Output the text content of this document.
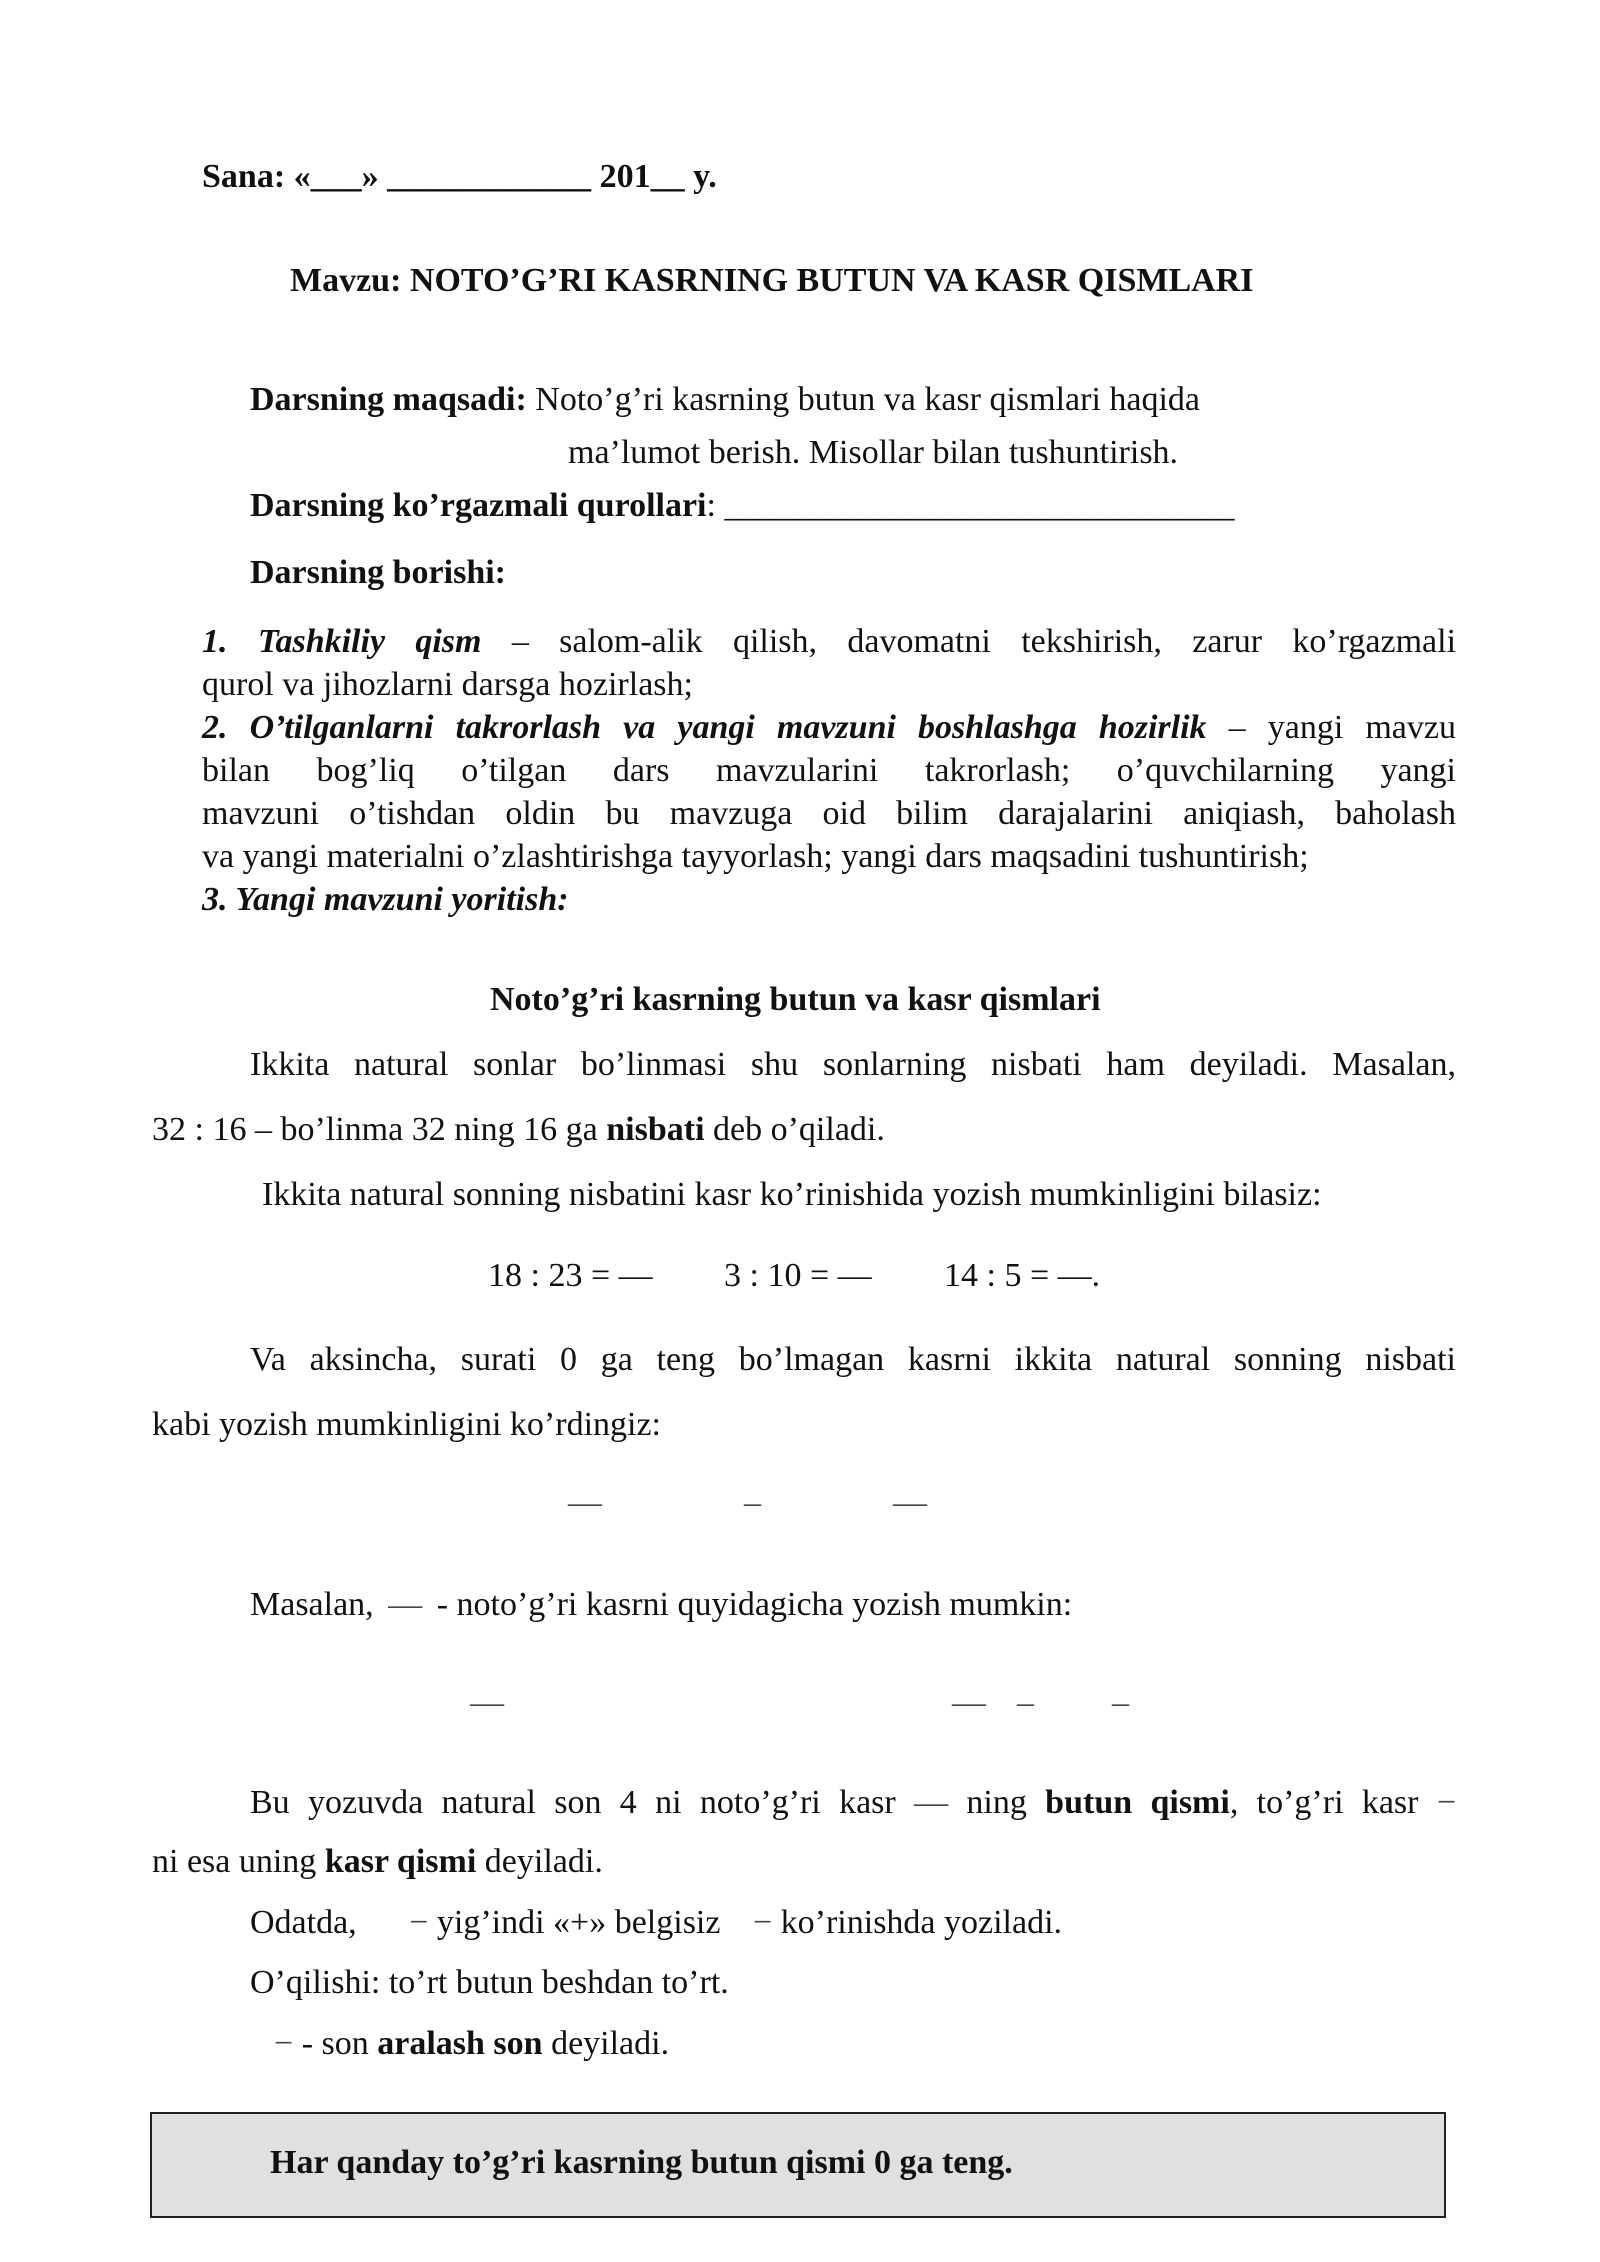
Sana: «___» ____________ 201__ y.
Mavzu: NOTO’G’RI KASRNING BUTUN VA KASR QISMLARI
Darsning maqsadi: Noto’g’ri kasrning butun va kasr qismlari haqida
ma’lumot berish. Misollar bilan tushuntirish.
Darsning ko’rgazmali qurollari: ______________________________
Darsning borishi:
1. Tashkiliy qism – salom-alik qilish, davomatni tekshirish, zarur ko’rgazmali
qurol va jihozlarni darsga hozirlash;
2. O’tilganlarni takrorlash va yangi mavzuni boshlashga hozirlik – yangi mavzu
bilan bog’liq o’tilgan dars mavzularini takrorlash; o’quvchilarning yangi
mavzuni o’tishdan oldin bu mavzuga oid bilim darajalarini aniqiash, baholash
va yangi materialni o’zlashtirishga tayyorlash; yangi dars maqsadini tushuntirish;
3. Yangi mavzuni yoritish:
Noto’g’ri kasrning butun va kasr qismlari
Ikkita natural sonlar bo’linmasi shu sonlarning nisbati ham deyiladi. Masalan,
32 : 16 – bo’linma 32 ning 16 ga nisbati deb o’qiladi.
Ikkita natural sonning nisbatini kasr ko’rinishida yozish mumkinligini bilasiz:
18 : 23 = — 3 : 10 = — 14 : 5 = —.
Va aksincha, surati 0 ga teng bo’lmagan kasrni ikkita natural sonning nisbati
kabi yozish mumkinligini ko’rdingiz:
—	–	—
Masalan, — - noto’g’ri kasrni quyidagicha yozish mumkin:
—	— – –
Bu yozuvda natural son 4 ni noto’g’ri kasr — ning butun qismi, to’g’ri kasr −
ni esa uning kasr qismi deyiladi.
Odatda, − yig’indi «+» belgisiz − ko’rinishda yoziladi.
O’qilishi: to’rt butun beshdan to’rt.
− - son aralash son deyiladi.
Har qanday to’g’ri kasrning butun qismi 0 ga teng.
